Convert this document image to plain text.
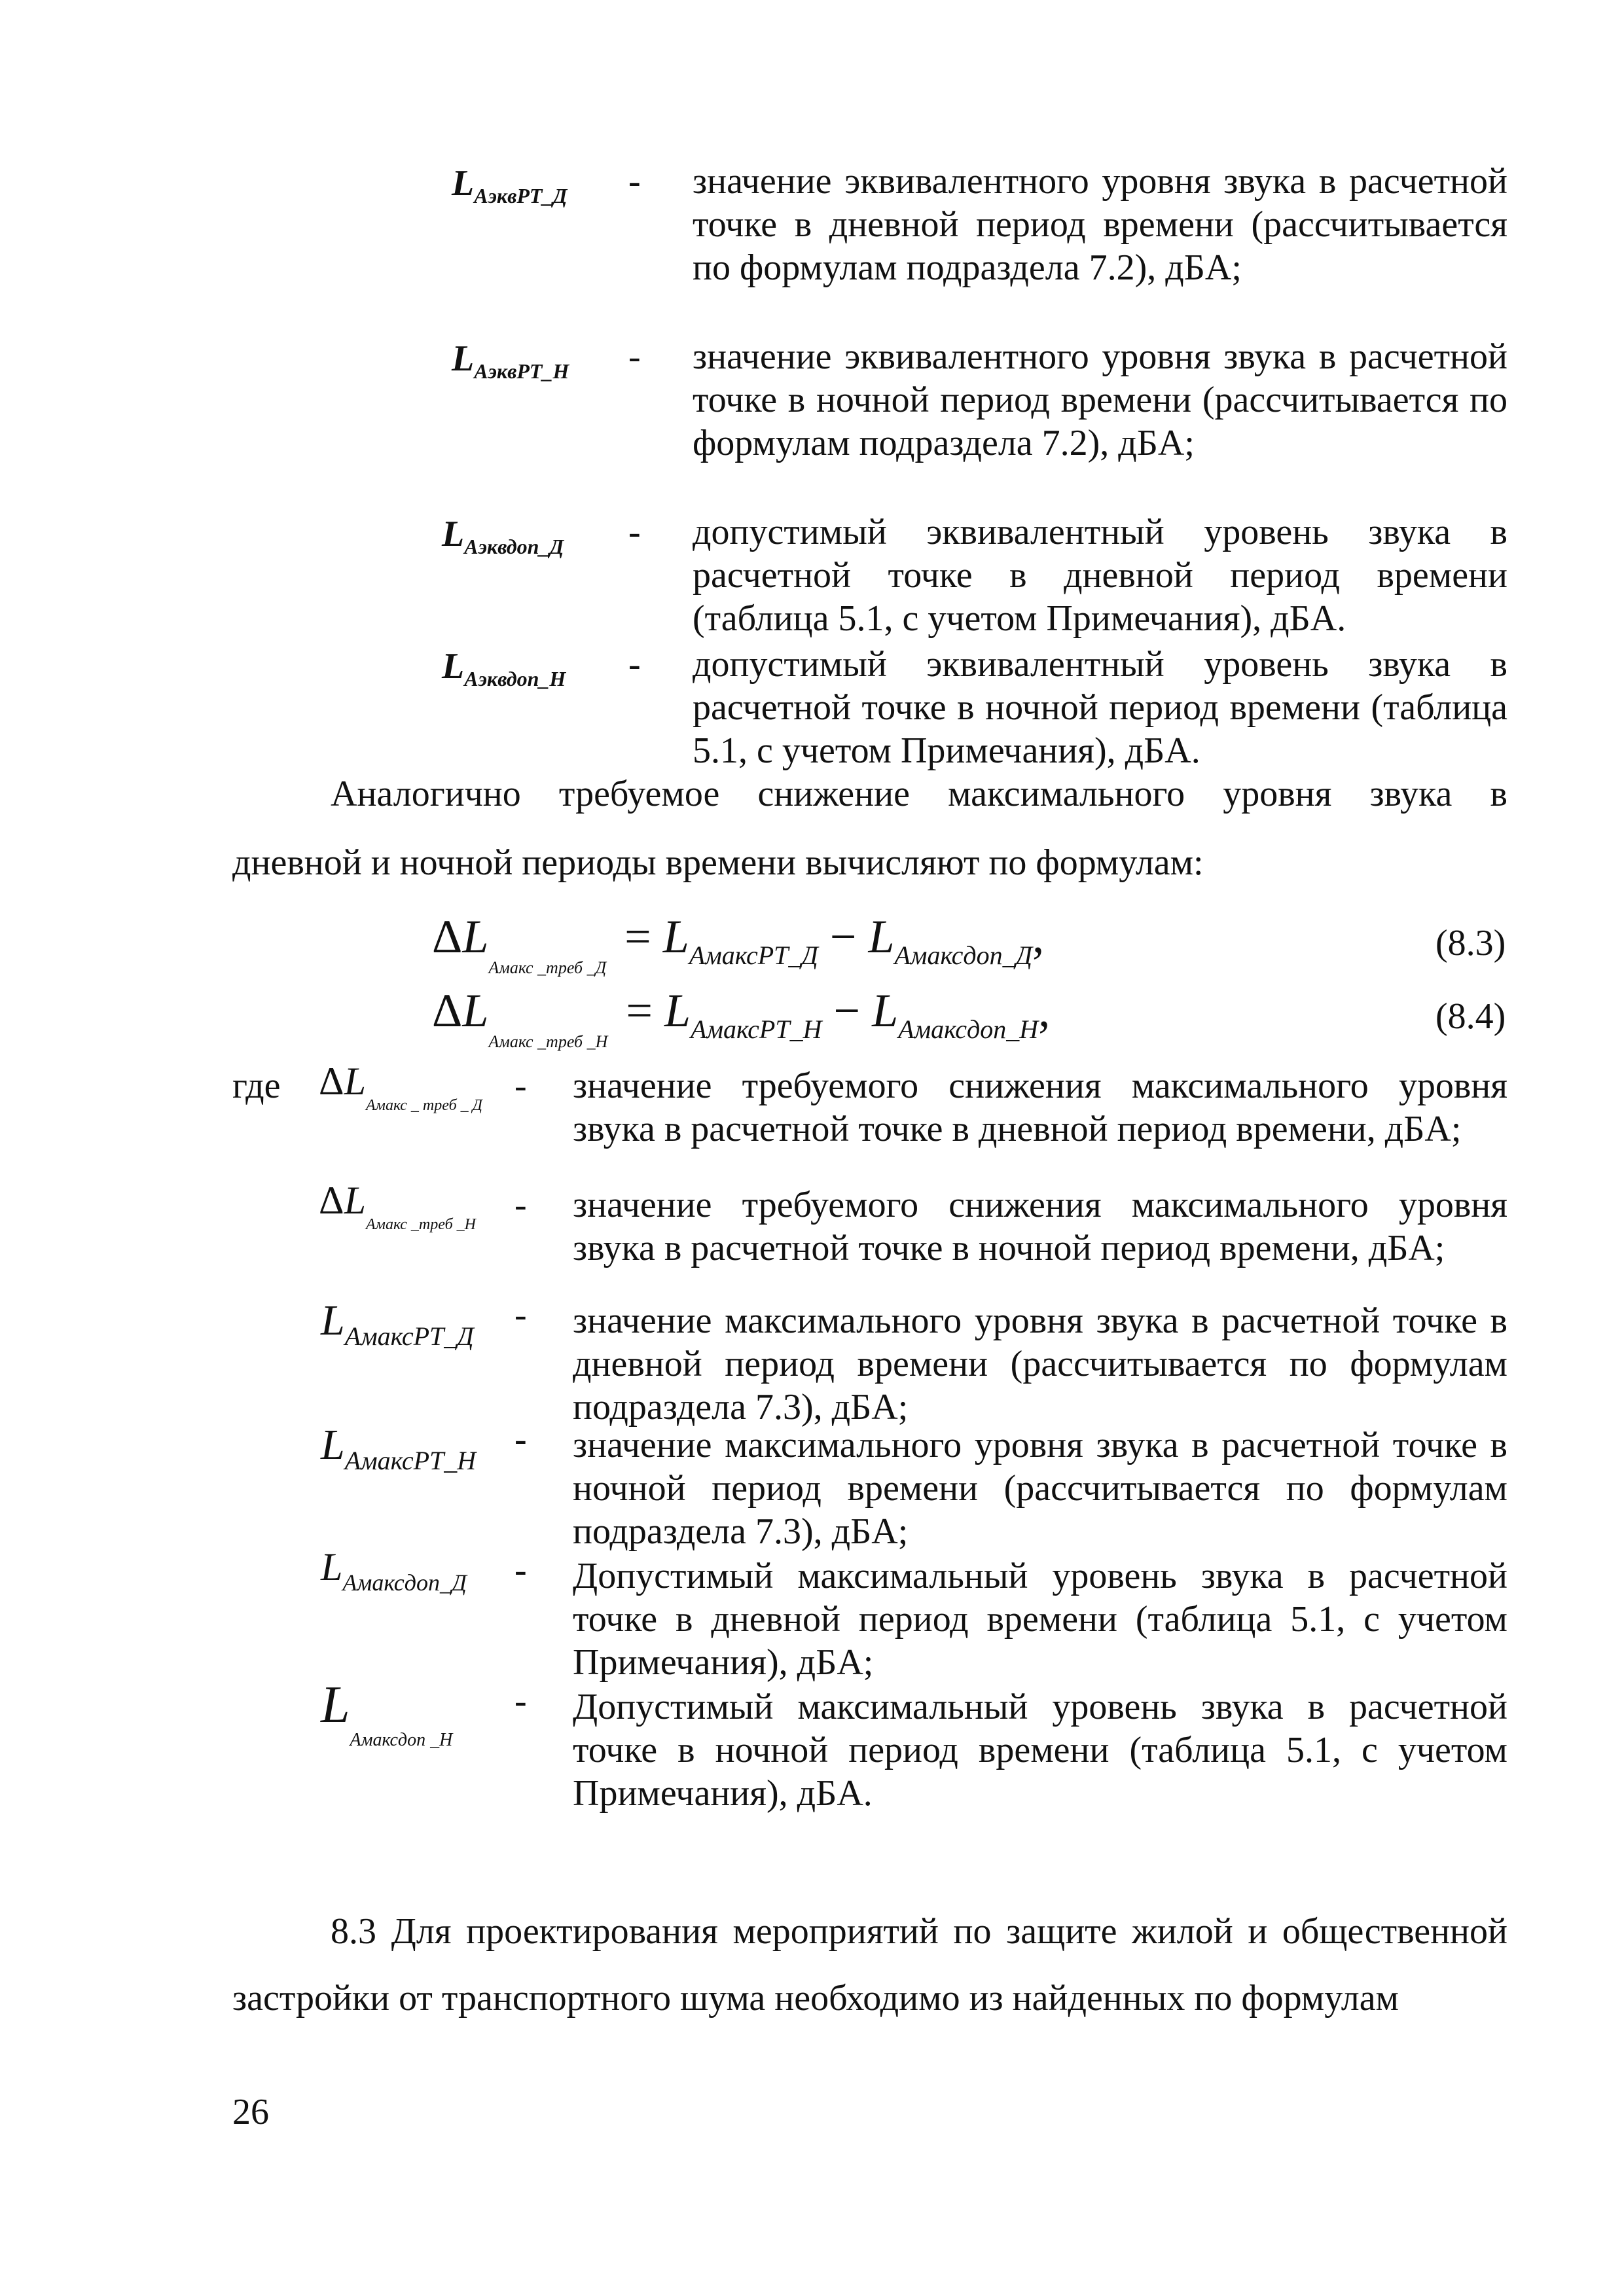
$L_{AэквРТ\_Д}$ - значение эквивалентного уровня звука в расчетной точке в дневной период времени (рассчитывается по формулам подраздела 7.2), дБA;
$L_{AэквРТ\_Н}$ - значение эквивалентного уровня звука в расчетной точке в ночной период времени (рассчитывается по формулам подраздела 7.2), дБA;
$L_{Aэквдоп\_Д}$ - допустимый эквивалентный уровень звука в расчетной точке в дневной период времени (таблица 5.1, с учетом Примечания), дБA.
$L_{Aэквдоп\_Н}$ - допустимый эквивалентный уровень звука в расчетной точке в ночной период времени (таблица 5.1, с учетом Примечания), дБA.
Аналогично требуемое снижение максимального уровня звука в
дневной и ночной периоды времени вычисляют по формулам:
$\Delta L_{Амакс \_треб \_Д} = L_{АмаксРТ\_Д} - L_{Амаксдоп\_Д}$,	(8.3)
$\Delta L_{Амакс \_треб \_Н} = L_{АмаксРТ\_Н} - L_{Амаксдоп\_Н}$,	(8.4)
где $\Delta L_{Амакс \_ треб \_ Д}$ - значение требуемого снижения максимального уровня звука в расчетной точке в дневной период времени, дБA;
$\Delta L_{Амакс \_треб \_Н}$ - значение требуемого снижения максимального уровня звука в расчетной точке в ночной период времени, дБA;
$L_{АмаксРТ\_Д}$
- значение максимального уровня звука в расчетной точке в дневной период времени (рассчитывается по формулам подраздела 7.3), дБA;
$L_{АмаксРТ\_Н}$
- значение максимального уровня звука в расчетной точке в ночной период времени (рассчитывается по формулам подраздела 7.3), дБA;
$L_{Амаксдоп\_Д}$ - Допустимый максимальный уровень звука в расчетной точке в дневной период времени (таблица 5.1, с учетом Примечания), дБA;
$L_{Амаксдоп \_Н}$
- Допустимый максимальный уровень звука в расчетной точке в ночной период времени (таблица 5.1, с учетом Примечания), дБA.
8.3 Для проектирования мероприятий по защите жилой и общественной
застройки от транспортного шума необходимо из найденных по формулам
26
